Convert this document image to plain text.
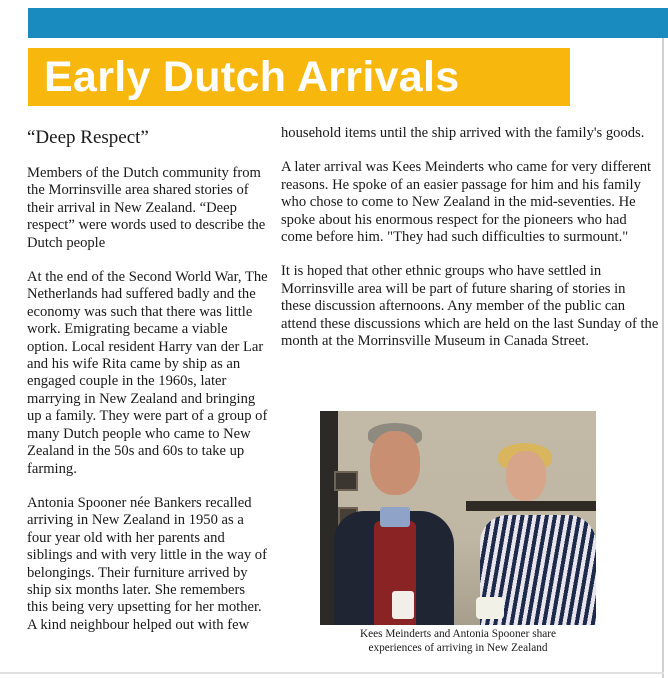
Early Dutch Arrivals
“Deep Respect”

Members of the Dutch community from the Morrinsville area shared stories of their arrival in New Zealand. “Deep respect” were words used to describe the Dutch people

At the end of the Second World War, The Netherlands had suffered badly and the economy was such that there was little work. Emigrating became a viable option. Local resident Harry van der Lar and his wife Rita came by ship as an engaged couple in the 1960s, later marrying in New Zealand and bringing up a family. They were part of a group of many Dutch people who came to New Zealand in the 50s and 60s to take up farming.

Antonia Spooner née Bankers recalled arriving in New Zealand in 1950 as a four year old with her parents and siblings and with very little in the way of belongings. Their furniture arrived by ship six months later. She remembers this being very upsetting for her mother. A kind neighbour helped out with few

household items until the ship arrived with the family's goods.

A later arrival was Kees Meinderts who came for very different reasons. He spoke of an easier passage for him and his family who chose to come to New Zealand in the mid-seventies. He spoke about his enormous respect for the pioneers who had come before him. "They had such difficulties to surmount."

It is hoped that other ethnic groups who have settled in Morrinsville area will be part of future sharing of stories in these discussion afternoons. Any member of the public can attend these discussions which are held on the last Sunday of the month at the Morrinsville Museum in Canada Street.

Kees Meinderts and Antonia Spooner share
experiences of arriving in New Zealand
